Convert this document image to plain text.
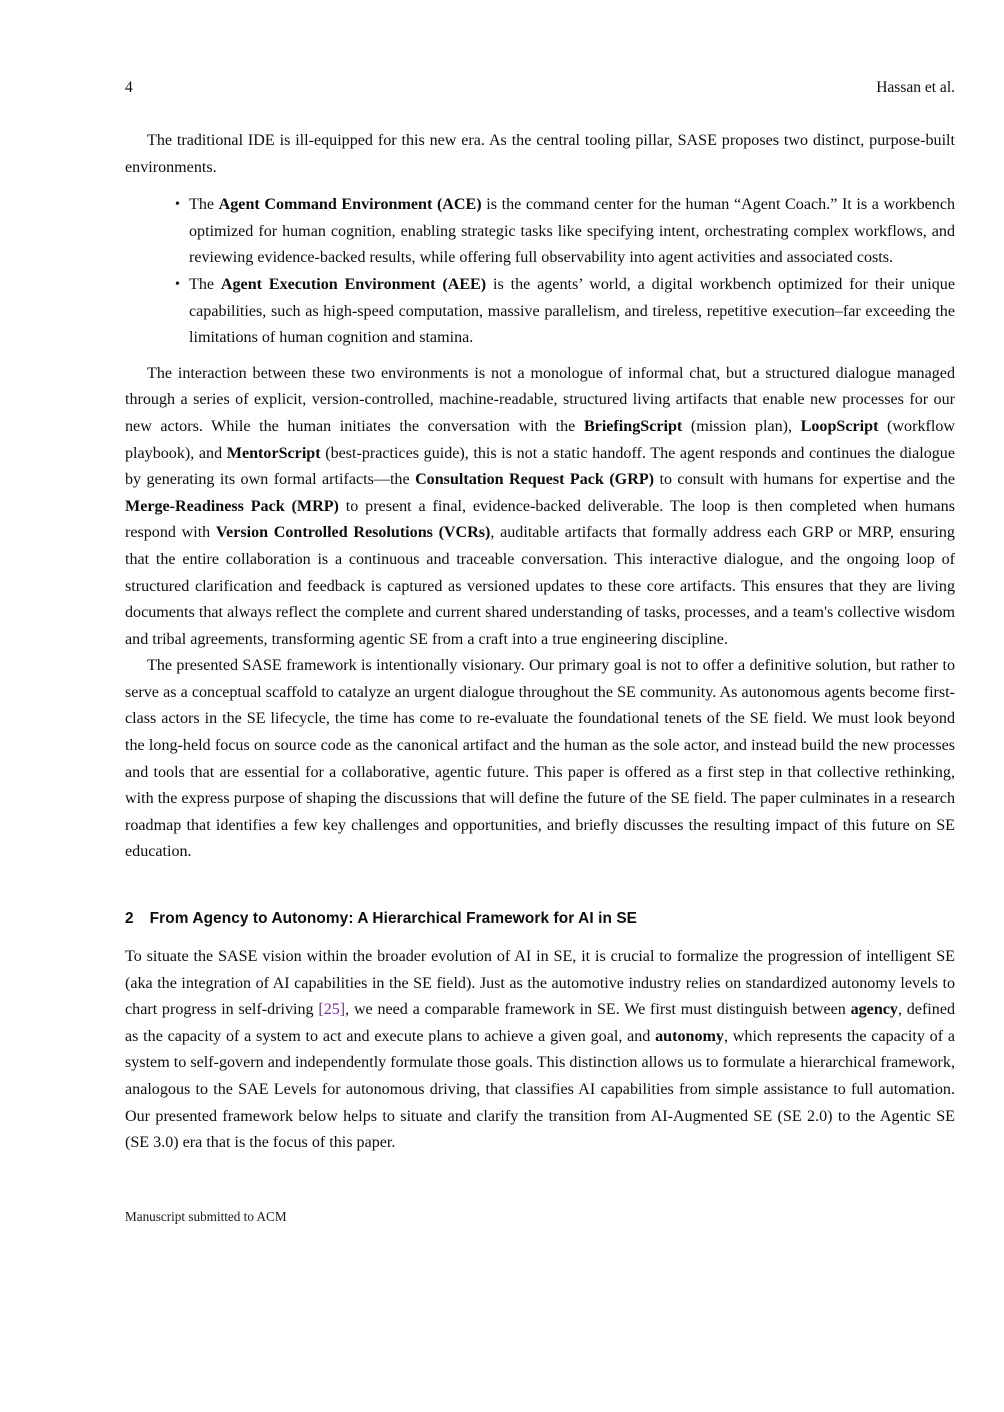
4	Hassan et al.

The traditional IDE is ill-equipped for this new era. As the central tooling pillar, SASE proposes two distinct, purpose-built environments.

• The Agent Command Environment (ACE) is the command center for the human “Agent Coach.” It is a workbench optimized for human cognition, enabling strategic tasks like specifying intent, orchestrating complex workflows, and reviewing evidence-backed results, while offering full observability into agent activities and associated costs.
• The Agent Execution Environment (AEE) is the agents’ world, a digital workbench optimized for their unique capabilities, such as high-speed computation, massive parallelism, and tireless, repetitive execution–far exceeding the limitations of human cognition and stamina.

The interaction between these two environments is not a monologue of informal chat, but a structured dialogue managed through a series of explicit, version-controlled, machine-readable, structured living artifacts that enable new processes for our new actors. While the human initiates the conversation with the BriefingScript (mission plan), LoopScript (workflow playbook), and MentorScript (best-practices guide), this is not a static handoff. The agent responds and continues the dialogue by generating its own formal artifacts—the Consultation Request Pack (GRP) to consult with humans for expertise and the Merge-Readiness Pack (MRP) to present a final, evidence-backed deliverable. The loop is then completed when humans respond with Version Controlled Resolutions (VCRs), auditable artifacts that formally address each GRP or MRP, ensuring that the entire collaboration is a continuous and traceable conversation. This interactive dialogue, and the ongoing loop of structured clarification and feedback is captured as versioned updates to these core artifacts. This ensures that they are living documents that always reflect the complete and current shared understanding of tasks, processes, and a team's collective wisdom and tribal agreements, transforming agentic SE from a craft into a true engineering discipline.

The presented SASE framework is intentionally visionary. Our primary goal is not to offer a definitive solution, but rather to serve as a conceptual scaffold to catalyze an urgent dialogue throughout the SE community. As autonomous agents become first-class actors in the SE lifecycle, the time has come to re-evaluate the foundational tenets of the SE field. We must look beyond the long-held focus on source code as the canonical artifact and the human as the sole actor, and instead build the new processes and tools that are essential for a collaborative, agentic future. This paper is offered as a first step in that collective rethinking, with the express purpose of shaping the discussions that will define the future of the SE field. The paper culminates in a research roadmap that identifies a few key challenges and opportunities, and briefly discusses the resulting impact of this future on SE education.

2 From Agency to Autonomy: A Hierarchical Framework for AI in SE

To situate the SASE vision within the broader evolution of AI in SE, it is crucial to formalize the progression of intelligent SE (aka the integration of AI capabilities in the SE field). Just as the automotive industry relies on standardized autonomy levels to chart progress in self-driving [25], we need a comparable framework in SE. We first must distinguish between agency, defined as the capacity of a system to act and execute plans to achieve a given goal, and autonomy, which represents the capacity of a system to self-govern and independently formulate those goals. This distinction allows us to formulate a hierarchical framework, analogous to the SAE Levels for autonomous driving, that classifies AI capabilities from simple assistance to full automation. Our presented framework below helps to situate and clarify the transition from AI-Augmented SE (SE 2.0) to the Agentic SE (SE 3.0) era that is the focus of this paper.

Manuscript submitted to ACM
